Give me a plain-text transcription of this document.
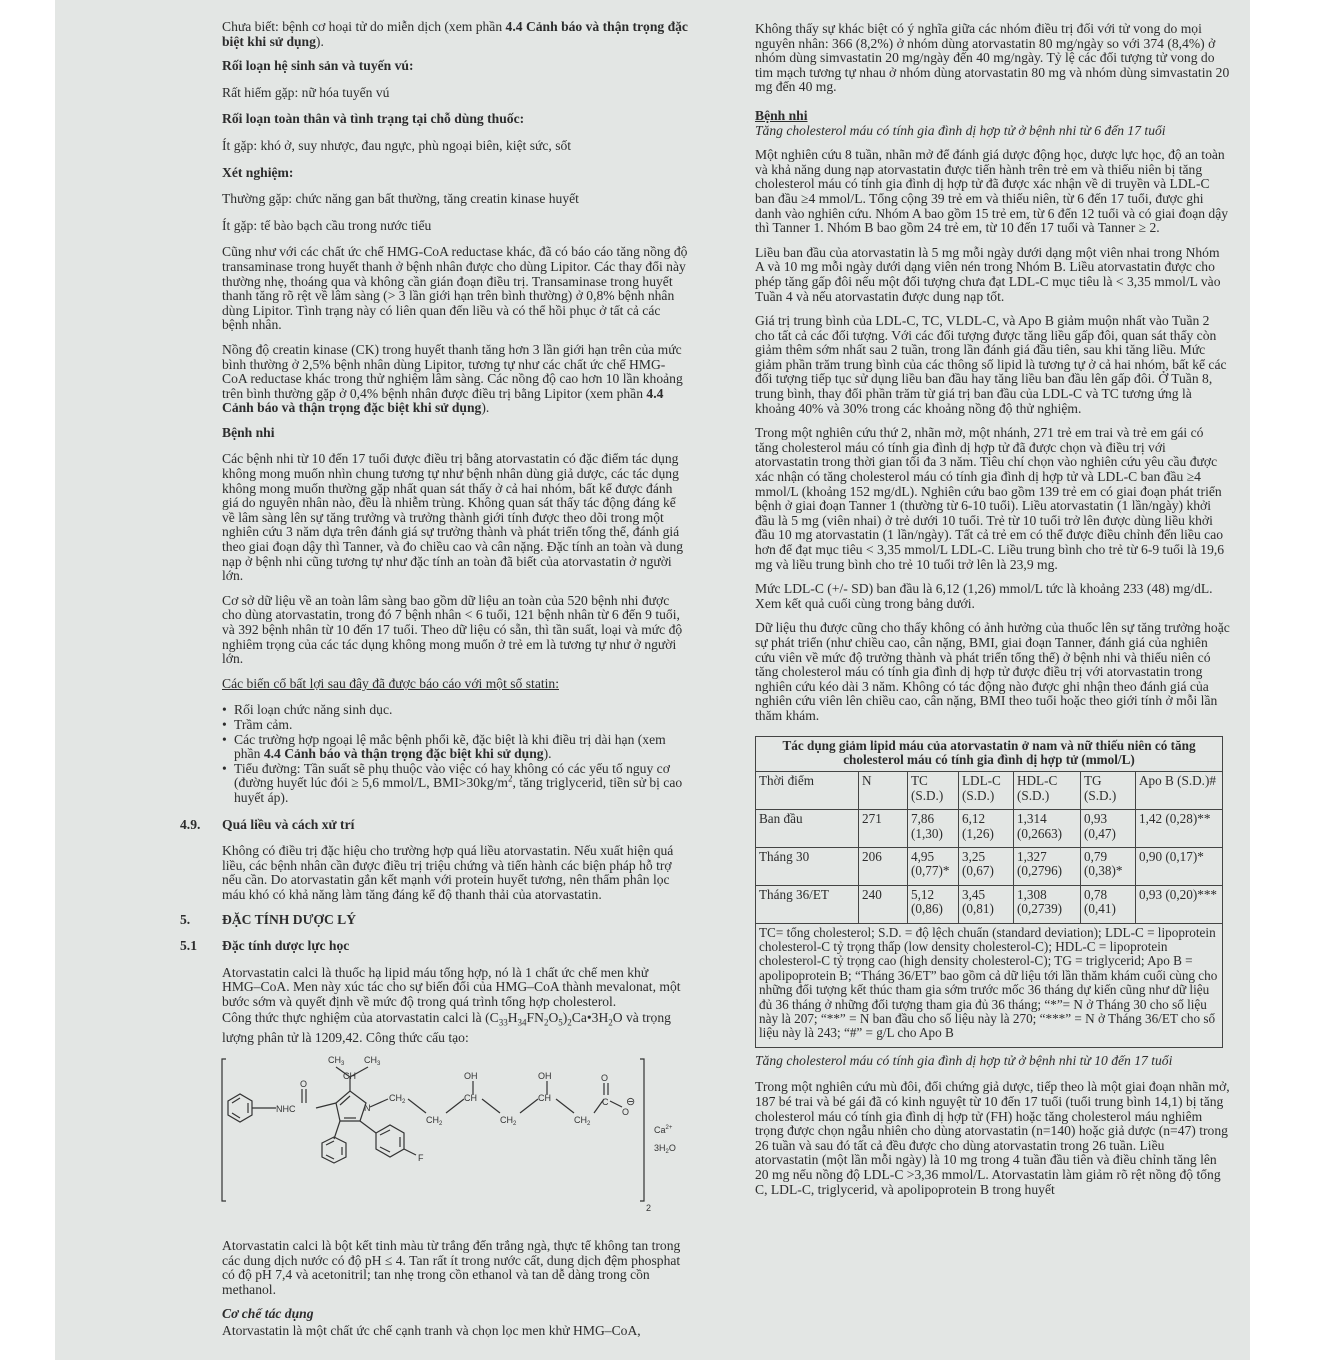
Chưa biết: bệnh cơ hoại tử do miễn dịch (xem phần 4.4 Cảnh báo và thận trọng đặc biệt khi sử dụng).

Rối loạn hệ sinh sản và tuyến vú:

Rất hiếm gặp: nữ hóa tuyến vú

Rối loạn toàn thân và tình trạng tại chỗ dùng thuốc:

Ít gặp: khó ở, suy nhược, đau ngực, phù ngoại biên, kiệt sức, sốt

Xét nghiệm:

Thường gặp: chức năng gan bất thường, tăng creatin kinase huyết

Ít gặp: tế bào bạch cầu trong nước tiểu

Cũng như với các chất ức chế HMG-CoA reductase khác, đã có báo cáo tăng nồng độ transaminase trong huyết thanh ở bệnh nhân được cho dùng Lipitor. Các thay đổi này thường nhẹ, thoáng qua và không cần gián đoạn điều trị. Transaminase trong huyết thanh tăng rõ rệt về lâm sàng (> 3 lần giới hạn trên bình thường) ở 0,8% bệnh nhân dùng Lipitor. Tình trạng này có liên quan đến liều và có thể hồi phục ở tất cả các bệnh nhân.

Nồng độ creatin kinase (CK) trong huyết thanh tăng hơn 3 lần giới hạn trên của mức bình thường ở 2,5% bệnh nhân dùng Lipitor, tương tự như các chất ức chế HMG-CoA reductase khác trong thử nghiệm lâm sàng. Các nồng độ cao hơn 10 lần khoảng trên bình thường gặp ở 0,4% bệnh nhân được điều trị bằng Lipitor (xem phần 4.4 Cảnh báo và thận trọng đặc biệt khi sử dụng).

Bệnh nhi

Các bệnh nhi từ 10 đến 17 tuổi được điều trị bằng atorvastatin có đặc điểm tác dụng không mong muốn nhìn chung tương tự như bệnh nhân dùng giả dược, các tác dụng không mong muốn thường gặp nhất quan sát thấy ở cả hai nhóm, bất kể được đánh giá do nguyên nhân nào, đều là nhiễm trùng. Không quan sát thấy tác động đáng kể về lâm sàng lên sự tăng trưởng và trưởng thành giới tính được theo dõi trong một nghiên cứu 3 năm dựa trên đánh giá sự trưởng thành và phát triển tổng thể, đánh giá theo giai đoạn dậy thì Tanner, và đo chiều cao và cân nặng. Đặc tính an toàn và dung nạp ở bệnh nhi cũng tương tự như đặc tính an toàn đã biết của atorvastatin ở người lớn.

Cơ sở dữ liệu về an toàn lâm sàng bao gồm dữ liệu an toàn của 520 bệnh nhi được cho dùng atorvastatin, trong đó 7 bệnh nhân < 6 tuổi, 121 bệnh nhân từ 6 đến 9 tuổi, và 392 bệnh nhân từ 10 đến 17 tuổi. Theo dữ liệu có sẵn, thì tần suất, loại và mức độ nghiêm trọng của các tác dụng không mong muốn ở trẻ em là tương tự như ở người lớn.

Các biến cố bất lợi sau đây đã được báo cáo với một số statin:

• Rối loạn chức năng sinh dục.
• Trầm cảm.
• Các trường hợp ngoại lệ mắc bệnh phổi kẽ, đặc biệt là khi điều trị dài hạn (xem phần 4.4 Cảnh báo và thận trọng đặc biệt khi sử dụng).
• Tiểu đường: Tần suất sẽ phụ thuộc vào việc có hay không có các yếu tố nguy cơ (đường huyết lúc đói ≥ 5,6 mmol/L, $BMI>30kg/m^2$, tăng triglycerid, tiền sử bị cao huyết áp).
4.9. Quá liều và cách xử trí

Không có điều trị đặc hiệu cho trường hợp quá liều atorvastatin. Nếu xuất hiện quá liều, các bệnh nhân cần được điều trị triệu chứng và tiến hành các biện pháp hỗ trợ nếu cần. Do atorvastatin gắn kết mạnh với protein huyết tương, nên thẩm phân lọc máu khó có khả năng làm tăng đáng kể độ thanh thải của atorvastatin.

5. ĐẶC TÍNH DƯỢC LÝ
5.1 Đặc tính dược lực học

Atorvastatin calci là thuốc hạ lipid máu tổng hợp, nó là 1 chất ức chế men khử HMG–CoA. Men này xúc tác cho sự biến đổi của HMG–CoA thành mevalonat, một bước sớm và quyết định về mức độ trong quá trình tổng hợp cholesterol.

Công thức thực nghiệm của atorvastatin calci là $(C_{33}H_{34}FN_2O_5)_2Ca•3H_2O$ và trọng lượng phân tử là 1209,42. Công thức cấu tạo:

$CH_3$ $CH_3$
CH
O
NHC	N
$CH_2$
$CH_2$
OH
CH
$CH_2$
OH
CH
$CH_2$
O
C
O
⊖
F
$Ca^{2+}$
$3H_2O$
2

Atorvastatin calci là bột kết tinh màu từ trắng đến trắng ngà, thực tế không tan trong các dung dịch nước có độ pH ≤ 4. Tan rất ít trong nước cất, dung dịch đệm phosphat có độ pH 7,4 và acetonitril; tan nhẹ trong cồn ethanol và tan dễ dàng trong cồn methanol.

Cơ chế tác dụng

Atorvastatin là một chất ức chế cạnh tranh và chọn lọc men khử HMG–CoA,

Không thấy sự khác biệt có ý nghĩa giữa các nhóm điều trị đối với tử vong do mọi nguyên nhân: 366 (8,2%) ở nhóm dùng atorvastatin 80 mg/ngày so với 374 (8,4%) ở nhóm dùng simvastatin 20 mg/ngày đến 40 mg/ngày. Tỷ lệ các đối tượng tử vong do tim mạch tương tự nhau ở nhóm dùng atorvastatin 80 mg và nhóm dùng simvastatin 20 mg đến 40 mg.

Bệnh nhi

Tăng cholesterol máu có tính gia đình dị hợp tử ở bệnh nhi từ 6 đến 17 tuổi

Một nghiên cứu 8 tuần, nhãn mở để đánh giá dược động học, dược lực học, độ an toàn và khả năng dung nạp atorvastatin được tiến hành trên trẻ em và thiếu niên bị tăng cholesterol máu có tính gia đình dị hợp tử đã được xác nhận về di truyền và LDL-C ban đầu ≥4 mmol/L. Tổng cộng 39 trẻ em và thiếu niên, từ 6 đến 17 tuổi, được ghi danh vào nghiên cứu. Nhóm A bao gồm 15 trẻ em, từ 6 đến 12 tuổi và có giai đoạn dậy thì Tanner 1. Nhóm B bao gồm 24 trẻ em, từ 10 đến 17 tuổi và Tanner ≥ 2.

Liều ban đầu của atorvastatin là 5 mg mỗi ngày dưới dạng một viên nhai trong Nhóm A và 10 mg mỗi ngày dưới dạng viên nén trong Nhóm B. Liều atorvastatin được cho phép tăng gấp đôi nếu một đối tượng chưa đạt LDL-C mục tiêu là < 3,35 mmol/L vào Tuần 4 và nếu atorvastatin được dung nạp tốt.

Giá trị trung bình của LDL-C, TC, VLDL-C, và Apo B giảm muộn nhất vào Tuần 2 cho tất cả các đối tượng. Với các đối tượng được tăng liều gấp đôi, quan sát thấy còn giảm thêm sớm nhất sau 2 tuần, trong lần đánh giá đầu tiên, sau khi tăng liều. Mức giảm phần trăm trung bình của các thông số lipid là tương tự ở cả hai nhóm, bất kể các đối tượng tiếp tục sử dụng liều ban đầu hay tăng liều ban đầu lên gấp đôi. Ở Tuần 8, trung bình, thay đổi phần trăm từ giá trị ban đầu của LDL-C và TC tương ứng là khoảng 40% và 30% trong các khoảng nồng độ thử nghiệm.

Trong một nghiên cứu thứ 2, nhãn mở, một nhánh, 271 trẻ em trai và trẻ em gái có tăng cholesterol máu có tính gia đình dị hợp tử đã được chọn và điều trị với atorvastatin trong thời gian tối đa 3 năm. Tiêu chí chọn vào nghiên cứu yêu cầu được xác nhận có tăng cholesterol máu có tính gia đình dị hợp tử và LDL-C ban đầu ≥4 mmol/L (khoảng 152 mg/dL). Nghiên cứu bao gồm 139 trẻ em có giai đoạn phát triển bệnh ở giai đoạn Tanner 1 (thường từ 6-10 tuổi). Liều atorvastatin (1 lần/ngày) khởi đầu là 5 mg (viên nhai) ở trẻ dưới 10 tuổi. Trẻ từ 10 tuổi trở lên được dùng liều khởi đầu 10 mg atorvastatin (1 lần/ngày). Tất cả trẻ em có thể được điều chỉnh đến liều cao hơn để đạt mục tiêu < 3,35 mmol/L LDL-C. Liều trung bình cho trẻ từ 6-9 tuổi là 19,6 mg và liều trung bình cho trẻ 10 tuổi trở lên là 23,9 mg.

Mức LDL-C (+/- SD) ban đầu là 6,12 (1,26) mmol/L tức là khoảng 233 (48) mg/dL. Xem kết quả cuối cùng trong bảng dưới.

Dữ liệu thu được cũng cho thấy không có ảnh hưởng của thuốc lên sự tăng trưởng hoặc sự phát triển (như chiều cao, cân nặng, BMI, giai đoạn Tanner, đánh giá của nghiên cứu viên về mức độ trưởng thành và phát triển tổng thể) ở bệnh nhi và thiếu niên có tăng cholesterol máu có tính gia đình dị hợp tử được điều trị với atorvastatin trong nghiên cứu kéo dài 3 năm. Không có tác động nào được ghi nhận theo đánh giá của nghiên cứu viên lên chiều cao, cân nặng, BMI theo tuổi hoặc theo giới tính ở mỗi lần thăm khám.

Tác dụng giảm lipid máu của atorvastatin ở nam và nữ thiếu niên có tăng cholesterol máu có tính gia đình dị hợp tử (mmol/L)						
Thời điểm	N	TC (S.D.)	LDL-C (S.D.)	HDL-C (S.D.)	TG (S.D.)	Apo B (S.D.)#
Ban đầu	271	7,86 (1,30)	6,12 (1,26)	1,314 (0,2663)	0,93 (0,47)	1,42 (0,28)**
Tháng 30	206	4,95 (0,77)*	3,25 (0,67)	1,327 (0,2796)	0,79 (0,38)*	0,90 (0,17)*
Tháng 36/ET	240	5,12 (0,86)	3,45 (0,81)	1,308 (0,2739)	0,78 (0,41)	0,93 (0,20)***
TC= tổng cholesterol; S.D. = độ lệch chuẩn (standard deviation); LDL-C = lipoprotein cholesterol-C tỷ trọng thấp (low density cholesterol-C); HDL-C = lipoprotein cholesterol-C tỷ trọng cao (high density cholesterol-C); TG = triglycerid; Apo B = apolipoprotein B; “Tháng 36/ET” bao gồm cả dữ liệu tới lần thăm khám cuối cùng cho những đối tượng kết thúc tham gia sớm trước mốc 36 tháng dự kiến cũng như dữ liệu đủ 36 tháng ở những đối tượng tham gia đủ 36 tháng; “*”= N ở Tháng 30 cho số liệu này là 207; “**” = N ban đầu cho số liệu này là 270; “***” = N ở Tháng 36/ET cho số liệu này là 243; “#” = g/L cho Apo B						

Tăng cholesterol máu có tính gia đình dị hợp tử ở bệnh nhi từ 10 đến 17 tuổi

Trong một nghiên cứu mù đôi, đối chứng giả dược, tiếp theo là một giai đoạn nhãn mở, 187 bé trai và bé gái đã có kinh nguyệt từ 10 đến 17 tuổi (tuổi trung bình 14,1) bị tăng cholesterol máu có tính gia đình dị hợp tử (FH) hoặc tăng cholesterol máu nghiêm trọng được chọn ngẫu nhiên cho dùng atorvastatin (n=140) hoặc giả dược (n=47) trong 26 tuần và sau đó tất cả đều được cho dùng atorvastatin trong 26 tuần. Liều atorvastatin (một lần mỗi ngày) là 10 mg trong 4 tuần đầu tiên và điều chỉnh tăng lên 20 mg nếu nồng độ LDL-C >3,36 mmol/L. Atorvastatin làm giảm rõ rệt nồng độ tổng C, LDL-C, triglycerid, và apolipoprotein B trong huyết
